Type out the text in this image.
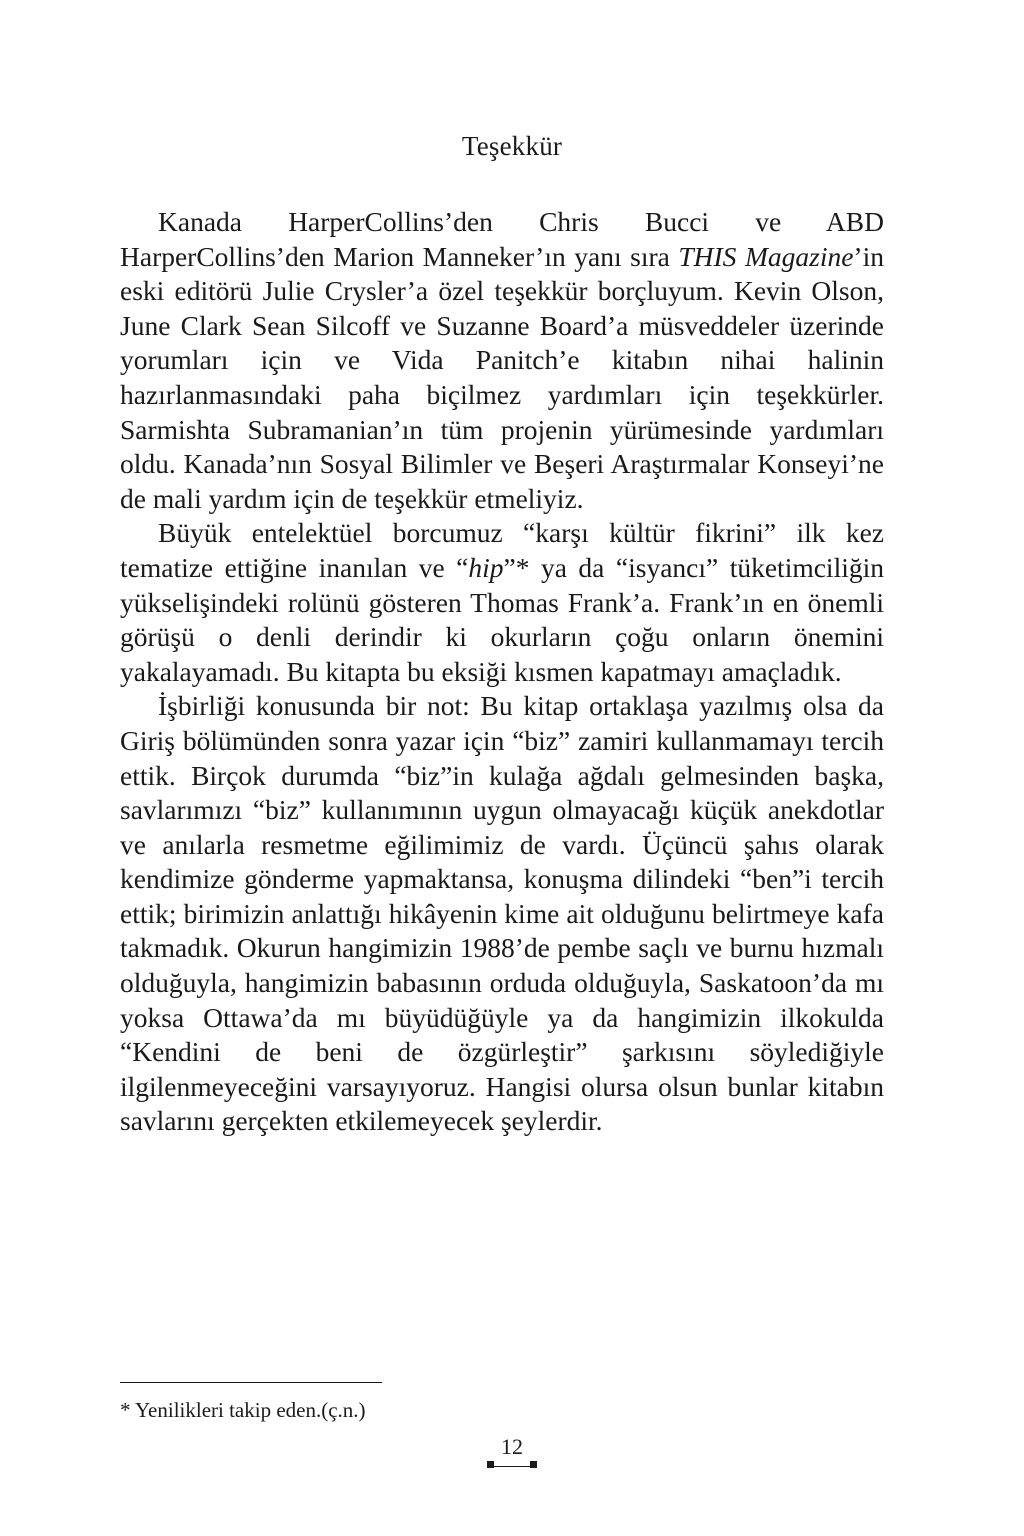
Teşekkür

Kanada HarperCollins’den Chris Bucci ve ABD HarperCollins’den Marion Manneker’ın yanı sıra THIS Magazine’in eski editörü Julie Crysler’a özel teşekkür borçluyum. Kevin Olson, June Clark Sean Silcoff ve Suzanne Board’a müsveddeler üzerinde yorumları için ve Vida Panitch’e kitabın nihai halinin hazırlanmasındaki paha biçilmez yardımları için teşekkürler. Sarmishta Subramanian’ın tüm projenin yürümesinde yardımları oldu. Kanada’nın Sosyal Bilimler ve Beşeri Araştırmalar Konseyi’ne de mali yardım için de teşekkür etmeliyiz.

Büyük entelektüel borcumuz “karşı kültür fikrini” ilk kez tematize ettiğine inanılan ve “hip”* ya da “isyancı” tüketimciliğin yükselişindeki rolünü gösteren Thomas Frank’a. Frank’ın en önemli görüşü o denli derindir ki okurların çoğu onların önemini yakalayamadı. Bu kitapta bu eksiği kısmen kapatmayı amaçladık.

İşbirliği konusunda bir not: Bu kitap ortaklaşa yazılmış olsa da Giriş bölümünden sonra yazar için “biz” zamiri kullanmamayı tercih ettik. Birçok durumda “biz”in kulağa ağdalı gelmesinden başka, savlarımızı “biz” kullanımının uygun olmayacağı küçük anekdotlar ve anılarla resmetme eğilimimiz de vardı. Üçüncü şahıs olarak kendimize gönderme yapmaktansa, konuşma dilindeki “ben”i tercih ettik; birimizin anlattığı hikâyenin kime ait olduğunu belirtmeye kafa takmadık. Okurun hangimizin 1988’de pembe saçlı ve burnu hızmalı olduğuyla, hangimizin babasının orduda olduğuyla, Saskatoon’da mı yoksa Ottawa’da mı büyüdüğüyle ya da hangimizin ilkokulda “Kendini de beni de özgürleştir” şarkısını söylediğiyle ilgilenmeyeceğini varsayıyoruz. Hangisi olursa olsun bunlar kitabın savlarını gerçekten etkilemeyecek şeylerdir.

* Yenilikleri takip eden.(ç.n.)
12
